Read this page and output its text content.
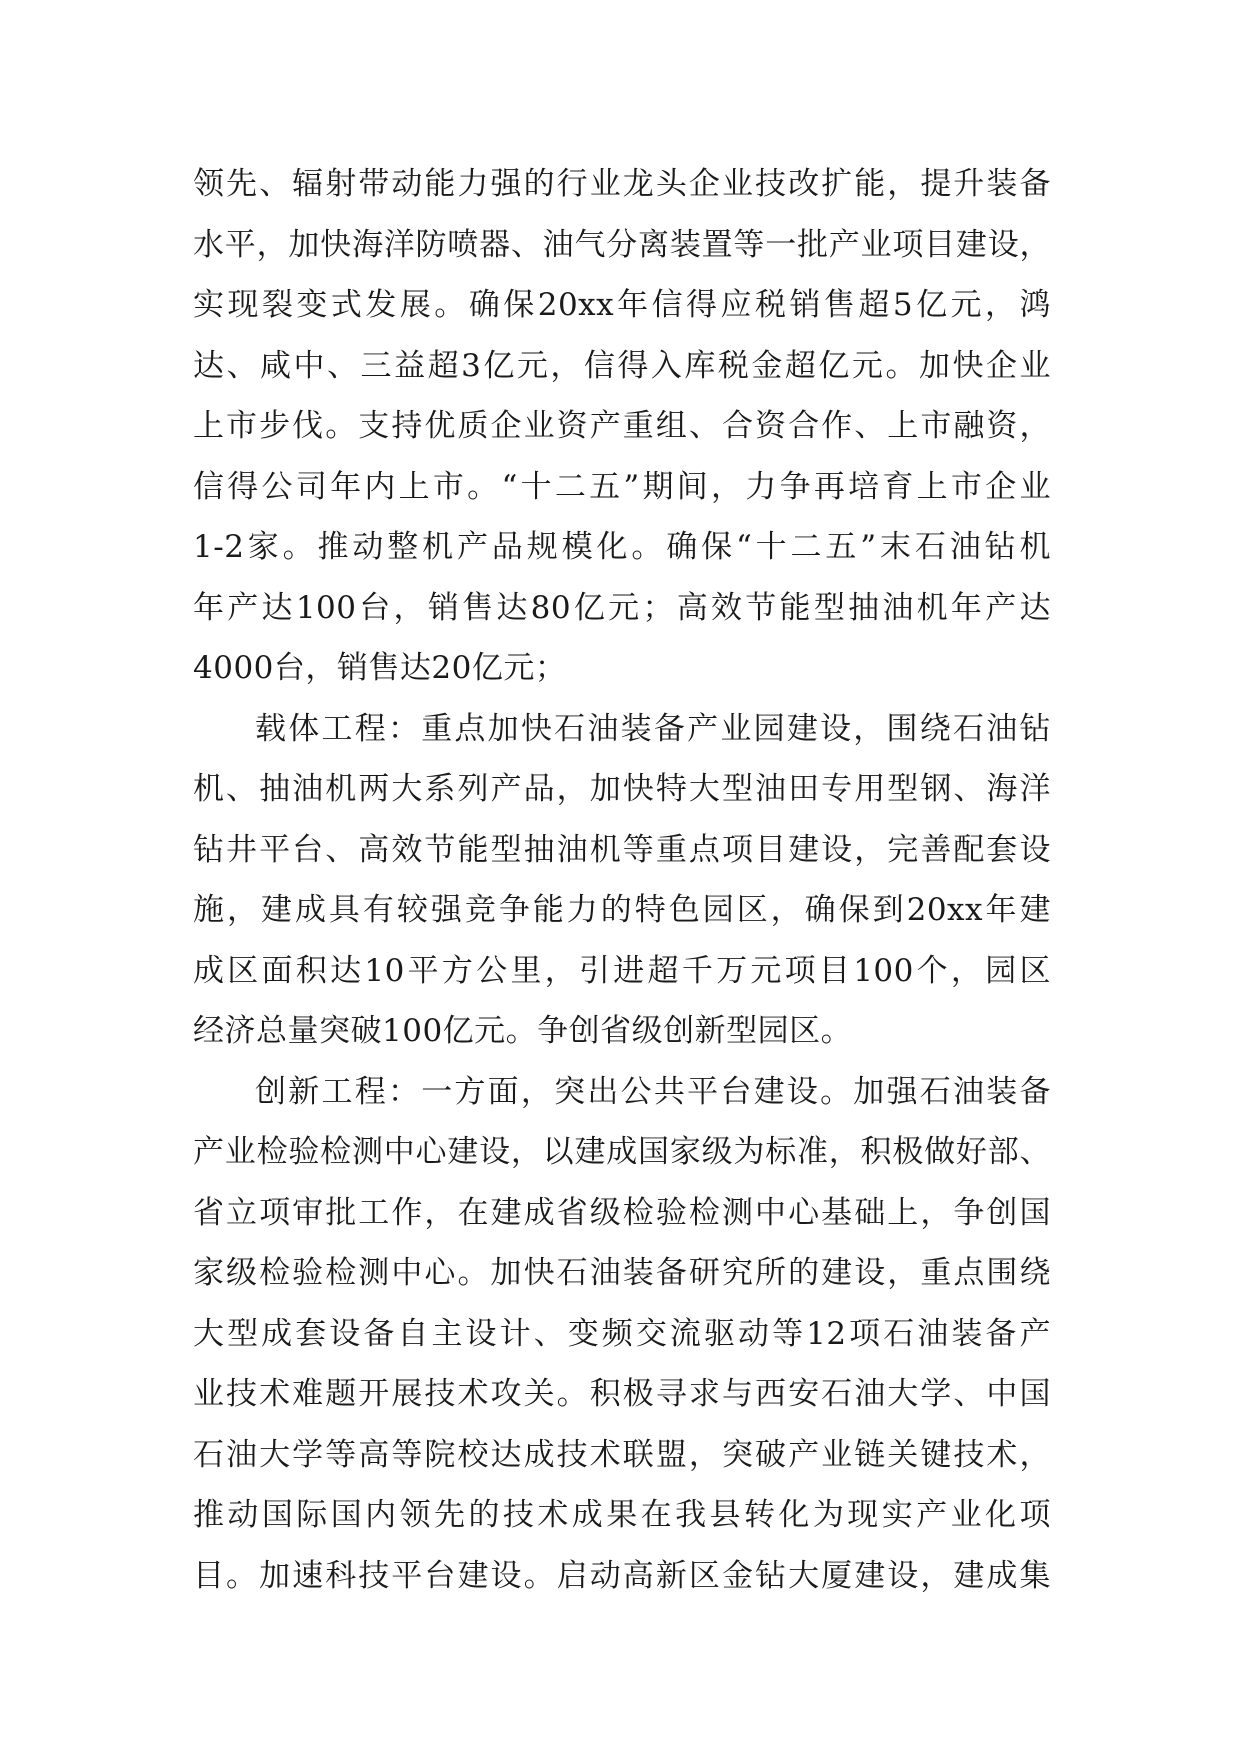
领先、辐射带动能力强的行业龙头企业技改扩能，提升装备
水平，加快海洋防喷器、油气分离装置等一批产业项目建设，
实现裂变式发展。确保20xx年信得应税销售超5亿元，鸿
达、咸中、三益超3亿元，信得入库税金超亿元。加快企业
上市步伐。支持优质企业资产重组、合资合作、上市融资，
信得公司年内上市。“十二五”期间，力争再培育上市企业
1-2家。推动整机产品规模化。确保“十二五”末石油钻机
年产达100台，销售达80亿元；高效节能型抽油机年产达
4000台，销售达20亿元；
载体工程：重点加快石油装备产业园建设，围绕石油钻
机、抽油机两大系列产品，加快特大型油田专用型钢、海洋
钻井平台、高效节能型抽油机等重点项目建设，完善配套设
施，建成具有较强竞争能力的特色园区，确保到20xx年建
成区面积达10平方公里，引进超千万元项目100个，园区
经济总量突破100亿元。争创省级创新型园区。
创新工程：一方面，突出公共平台建设。加强石油装备
产业检验检测中心建设，以建成国家级为标准，积极做好部、
省立项审批工作，在建成省级检验检测中心基础上，争创国
家级检验检测中心。加快石油装备研究所的建设，重点围绕
大型成套设备自主设计、变频交流驱动等12项石油装备产
业技术难题开展技术攻关。积极寻求与西安石油大学、中国
石油大学等高等院校达成技术联盟，突破产业链关键技术，
推动国际国内领先的技术成果在我县转化为现实产业化项
目。加速科技平台建设。启动高新区金钻大厦建设，建成集
